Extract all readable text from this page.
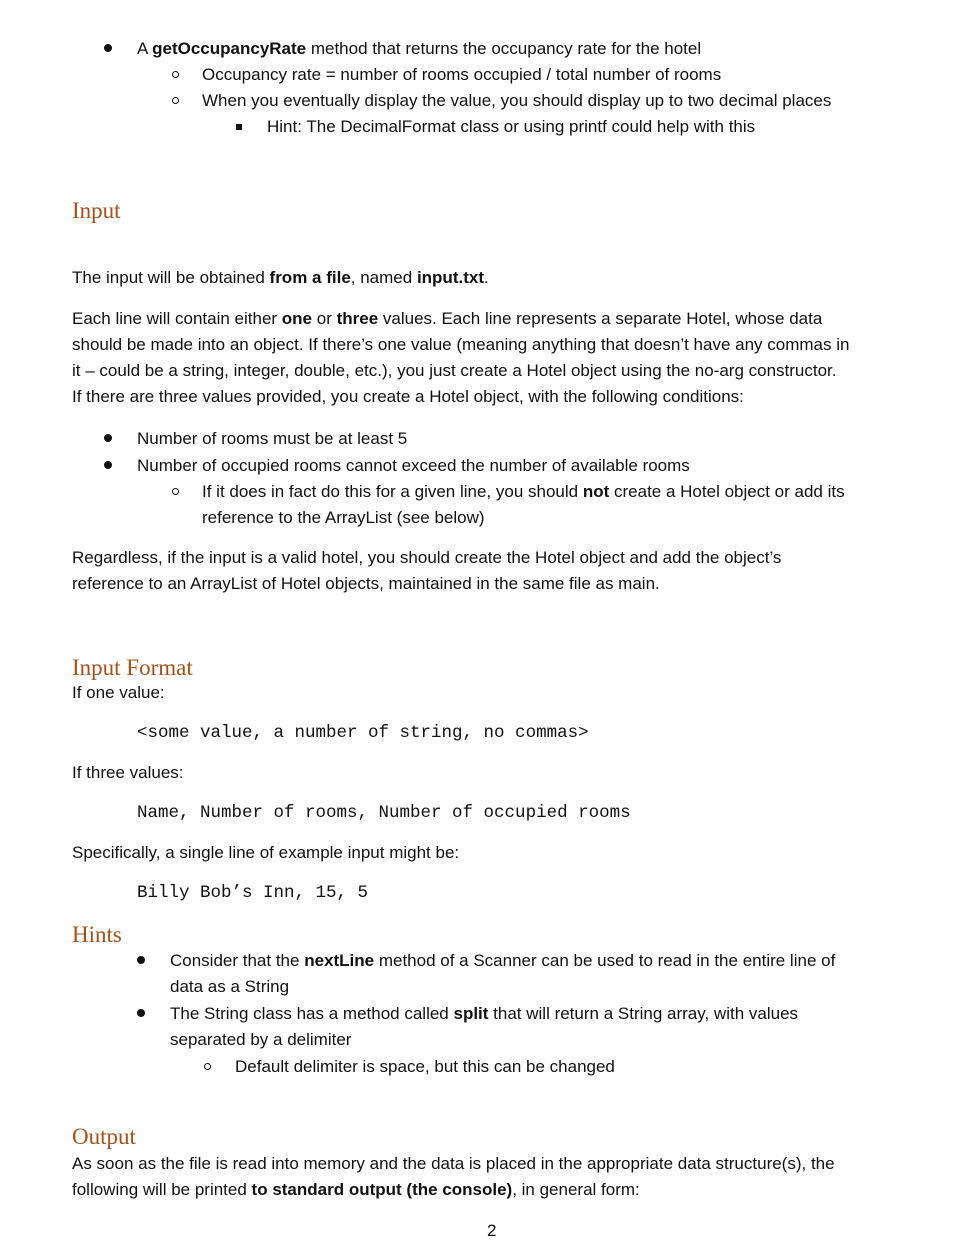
A getOccupancyRate method that returns the occupancy rate for the hotel
Occupancy rate = number of rooms occupied / total number of rooms
When you eventually display the value, you should display up to two decimal places
Hint: The DecimalFormat class or using printf could help with this
Input
The input will be obtained from a file, named input.txt.
Each line will contain either one or three values. Each line represents a separate Hotel, whose data
should be made into an object. If there’s one value (meaning anything that doesn’t have any commas in
it – could be a string, integer, double, etc.), you just create a Hotel object using the no-arg constructor.
If there are three values provided, you create a Hotel object, with the following conditions:
Number of rooms must be at least 5
Number of occupied rooms cannot exceed the number of available rooms
If it does in fact do this for a given line, you should not create a Hotel object or add its
reference to the ArrayList (see below)
Regardless, if the input is a valid hotel, you should create the Hotel object and add the object’s
reference to an ArrayList of Hotel objects, maintained in the same file as main.
Input Format
If one value:
<some value, a number of string, no commas>
If three values:
Name, Number of rooms, Number of occupied rooms
Specifically, a single line of example input might be:
Billy Bob’s Inn, 15, 5
Hints
Consider that the nextLine method of a Scanner can be used to read in the entire line of
data as a String
The String class has a method called split that will return a String array, with values
separated by a delimiter
Default delimiter is space, but this can be changed
Output
As soon as the file is read into memory and the data is placed in the appropriate data structure(s), the
following will be printed to standard output (the console), in general form:
2
